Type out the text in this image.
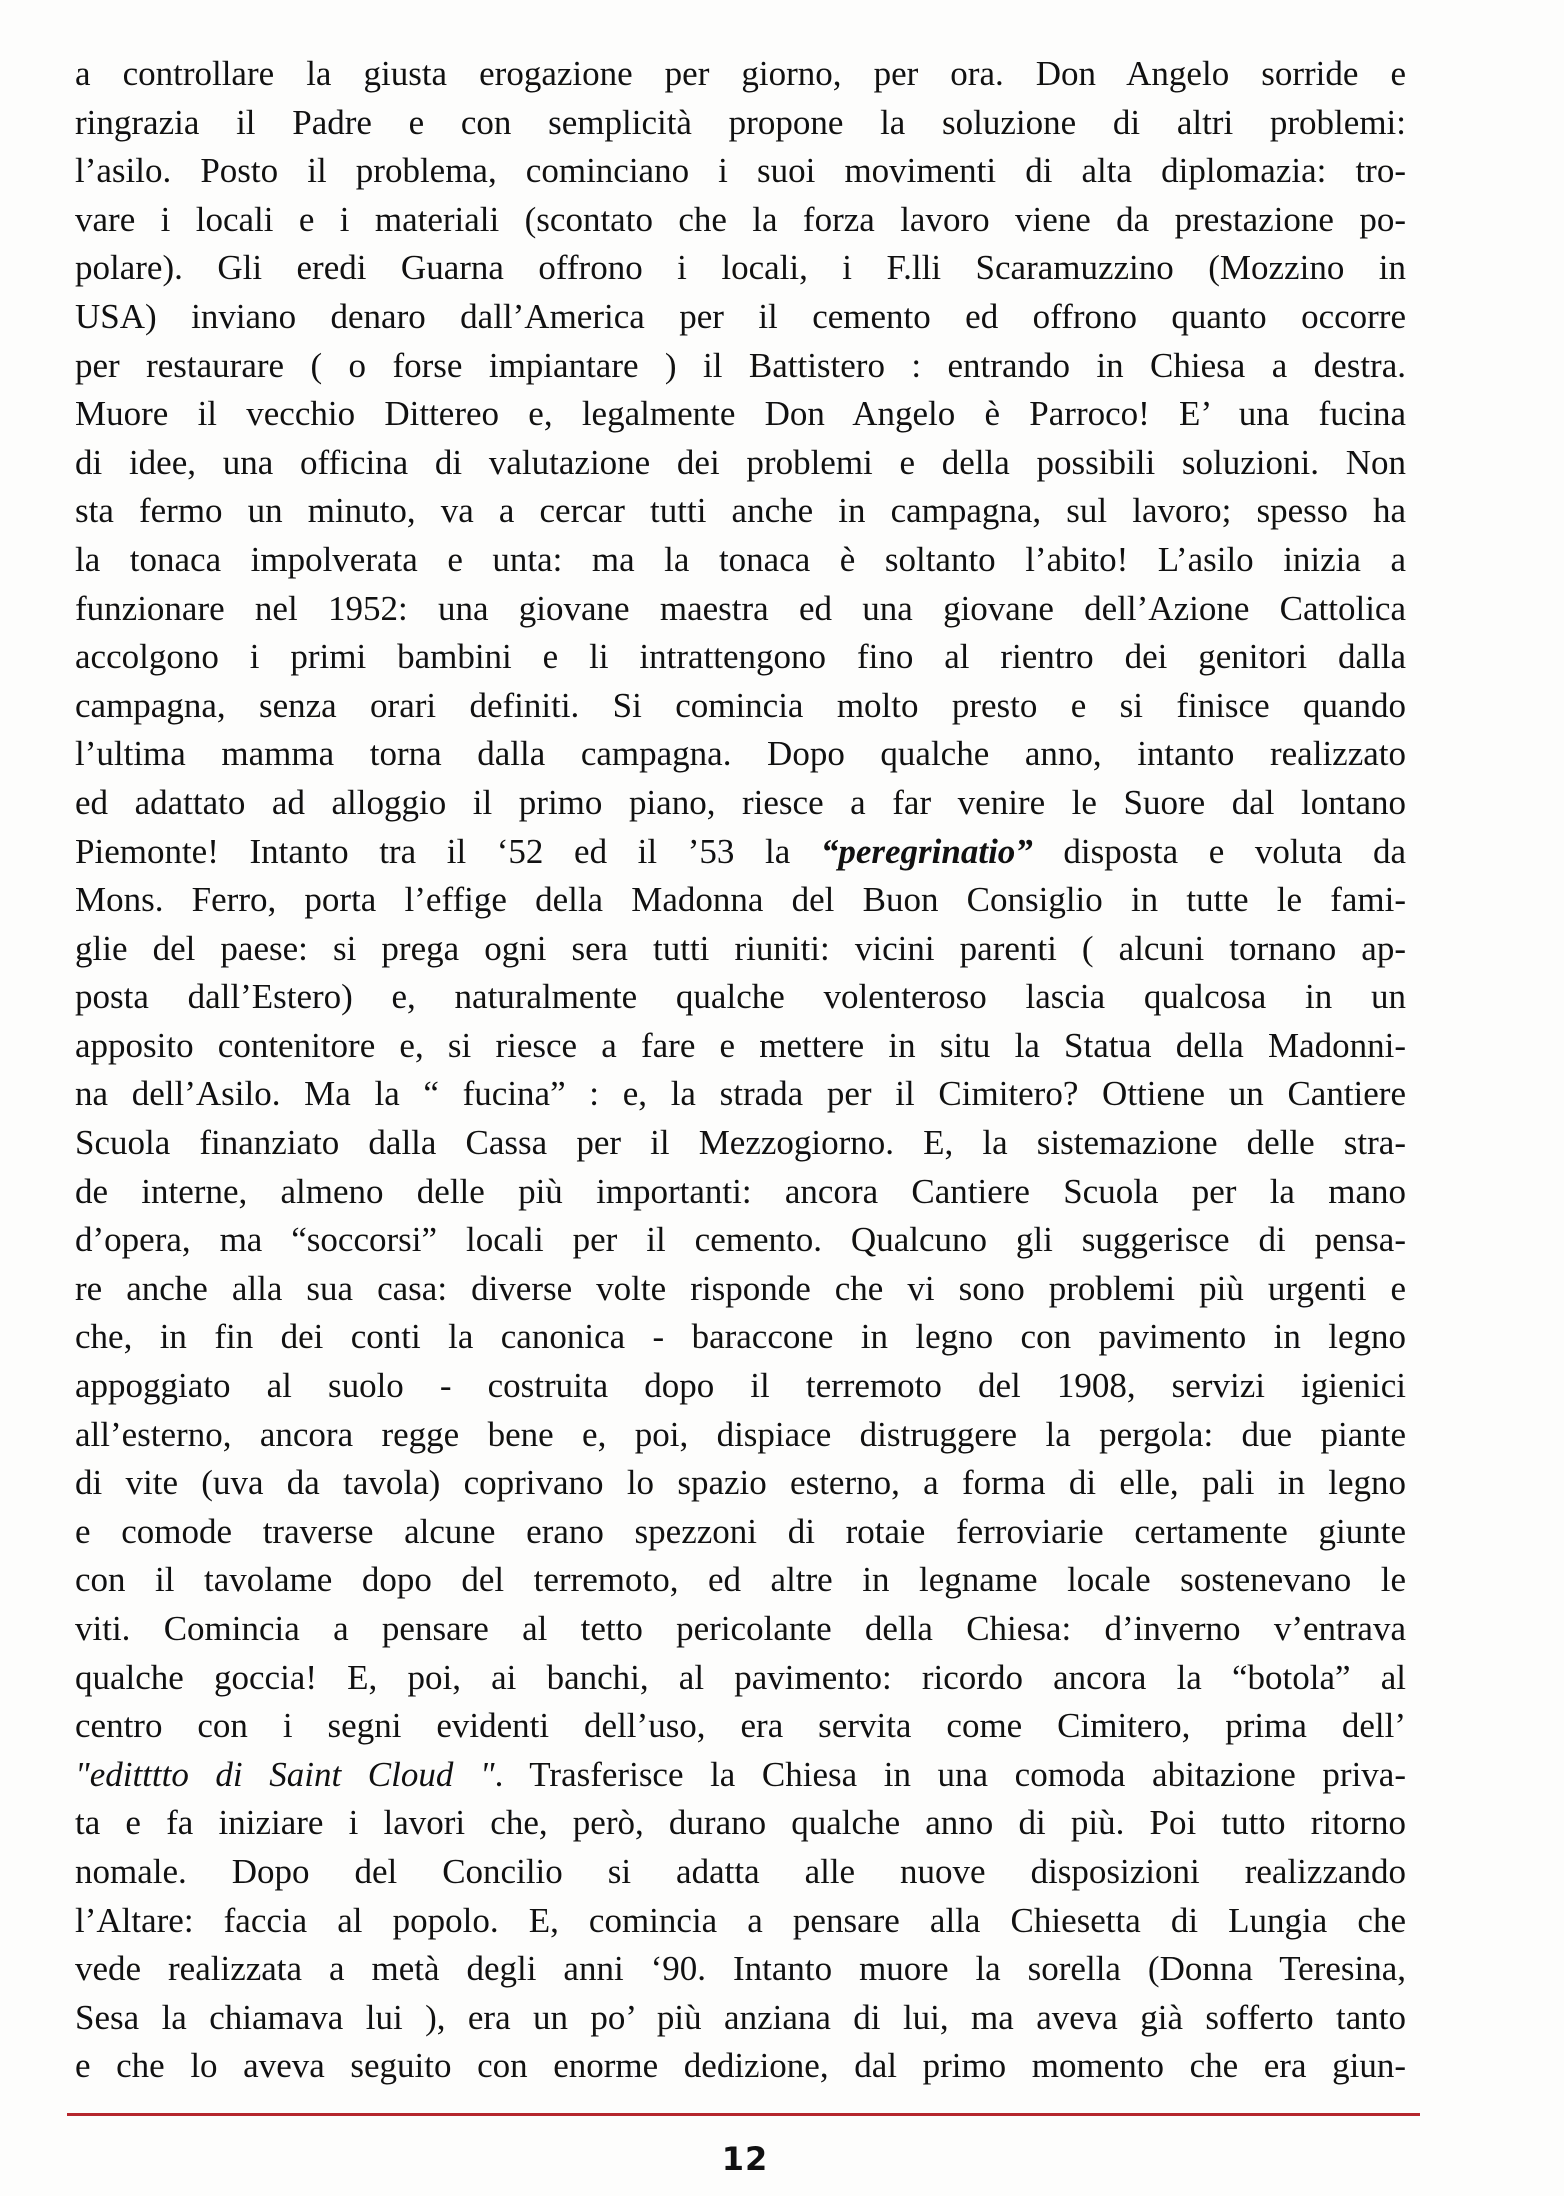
a controllare la giusta erogazione per giorno, per ora. Don Angelo sorride e
ringrazia il Padre e con semplicità propone la soluzione di altri problemi:
l’asilo. Posto il problema, cominciano i suoi movimenti di alta diplomazia: tro-
vare i locali e i materiali (scontato che la forza lavoro viene da prestazione po-
polare). Gli eredi Guarna offrono i locali, i F.lli Scaramuzzino (Mozzino in
USA) inviano denaro dall’America per il cemento ed offrono quanto occorre
per restaurare ( o forse impiantare ) il Battistero : entrando in Chiesa a destra.
Muore il vecchio Dittereo e, legalmente Don Angelo è Parroco! E’ una fucina
di idee, una officina di valutazione dei problemi e della possibili soluzioni. Non
sta fermo un minuto, va a cercar tutti anche in campagna, sul lavoro; spesso ha
la tonaca impolverata e unta: ma la tonaca è soltanto l’abito! L’asilo inizia a
funzionare nel 1952: una giovane maestra ed una giovane dell’Azione Cattolica
accolgono i primi bambini e li intrattengono fino al rientro dei genitori dalla
campagna, senza orari definiti. Si comincia molto presto e si finisce quando
l’ultima mamma torna dalla campagna. Dopo qualche anno, intanto realizzato
ed adattato ad alloggio il primo piano, riesce a far venire le Suore dal lontano
Piemonte! Intanto tra il ‘52 ed il ’53 la “peregrinatio” disposta e voluta da
Mons. Ferro, porta l’effige della Madonna del Buon Consiglio in tutte le fami-
glie del paese: si prega ogni sera tutti riuniti: vicini parenti ( alcuni tornano ap-
posta dall’Estero) e, naturalmente qualche volenteroso lascia qualcosa in un
apposito contenitore e, si riesce a fare e mettere in situ la Statua della Madonni-
na dell’Asilo. Ma la “ fucina” : e, la strada per il Cimitero? Ottiene un Cantiere
Scuola finanziato dalla Cassa per il Mezzogiorno. E, la sistemazione delle stra-
de interne, almeno delle più importanti: ancora Cantiere Scuola per la mano
d’opera, ma “soccorsi” locali per il cemento. Qualcuno gli suggerisce di pensa-
re anche alla sua casa: diverse volte risponde che vi sono problemi più urgenti e
che, in fin dei conti la canonica - baraccone in legno con pavimento in legno
appoggiato al suolo - costruita dopo il terremoto del 1908, servizi igienici
all’esterno, ancora regge bene e, poi, dispiace distruggere la pergola: due piante
di vite (uva da tavola) coprivano lo spazio esterno, a forma di elle, pali in legno
e comode traverse alcune erano spezzoni di rotaie ferroviarie certamente giunte
con il tavolame dopo del terremoto, ed altre in legname locale sostenevano le
viti. Comincia a pensare al tetto pericolante della Chiesa: d’inverno v’entrava
qualche goccia! E, poi, ai banchi, al pavimento: ricordo ancora la “botola” al
centro con i segni evidenti dell’uso, era servita come Cimitero, prima dell’
"editttto di Saint Cloud ". Trasferisce la Chiesa in una comoda abitazione priva-
ta e fa iniziare i lavori che, però, durano qualche anno di più. Poi tutto ritorno
nomale. Dopo del Concilio si adatta alle nuove disposizioni realizzando
l’Altare: faccia al popolo. E, comincia a pensare alla Chiesetta di Lungia che
vede realizzata a metà degli anni ‘90. Intanto muore la sorella (Donna Teresina,
Sesa la chiamava lui ), era un po’ più anziana di lui, ma aveva già sofferto tanto
e che lo aveva seguito con enorme dedizione, dal primo momento che era giun-
12
